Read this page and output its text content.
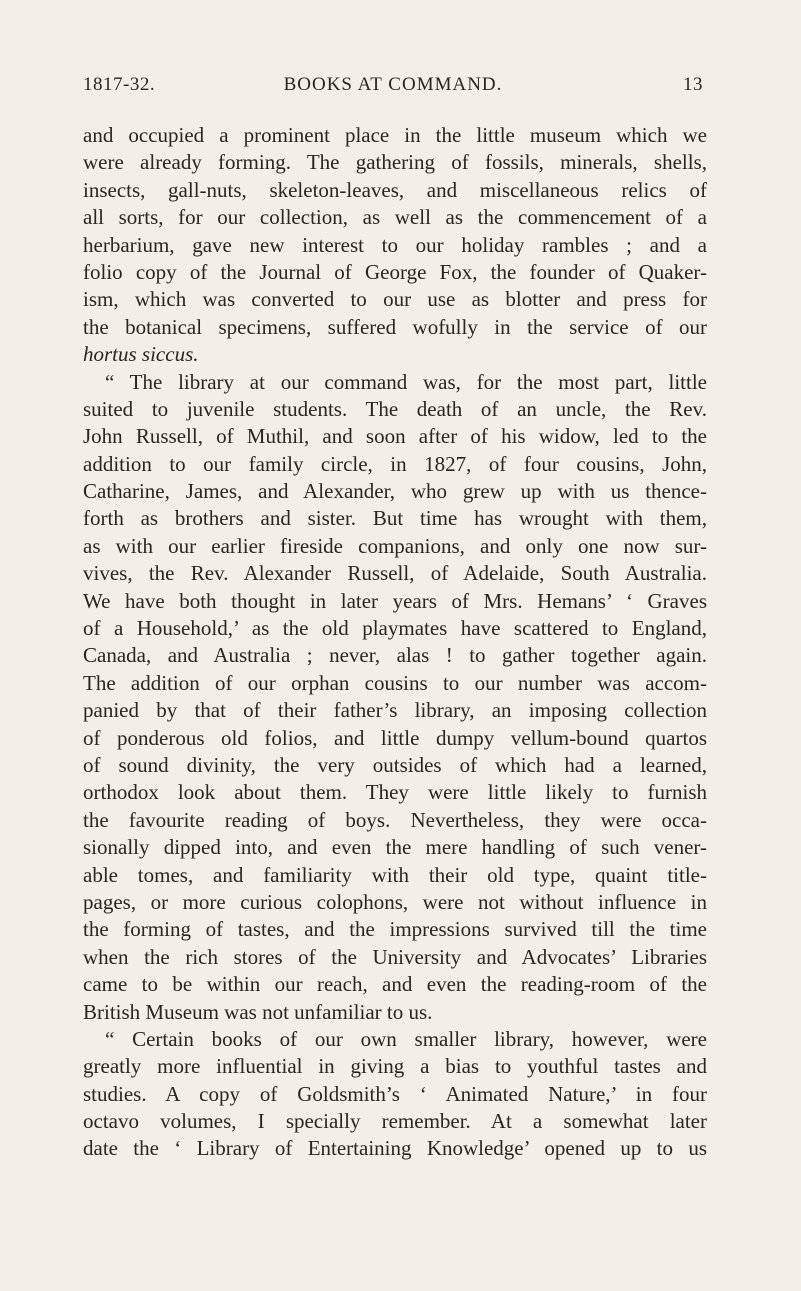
1817-32.	BOOKS AT COMMAND.	13
and occupied a prominent place in the little museum which we
were already forming. The gathering of fossils, minerals, shells,
insects, gall-nuts, skeleton-leaves, and miscellaneous relics of
all sorts, for our collection, as well as the commencement of a
herbarium, gave new interest to our holiday rambles ; and a
folio copy of the Journal of George Fox, the founder of Quaker-
ism, which was converted to our use as blotter and press for
the botanical specimens, suffered wofully in the service of our
hortus siccus.
“ The library at our command was, for the most part, little
suited to juvenile students. The death of an uncle, the Rev.
John Russell, of Muthil, and soon after of his widow, led to the
addition to our family circle, in 1827, of four cousins, John,
Catharine, James, and Alexander, who grew up with us thence-
forth as brothers and sister. But time has wrought with them,
as with our earlier fireside companions, and only one now sur-
vives, the Rev. Alexander Russell, of Adelaide, South Australia.
We have both thought in later years of Mrs. Hemans’ ‘ Graves
of a Household,’ as the old playmates have scattered to England,
Canada, and Australia ; never, alas ! to gather together again.
The addition of our orphan cousins to our number was accom-
panied by that of their father’s library, an imposing collection
of ponderous old folios, and little dumpy vellum-bound quartos
of sound divinity, the very outsides of which had a learned,
orthodox look about them. They were little likely to furnish
the favourite reading of boys. Nevertheless, they were occa-
sionally dipped into, and even the mere handling of such vener-
able tomes, and familiarity with their old type, quaint title-
pages, or more curious colophons, were not without influence in
the forming of tastes, and the impressions survived till the time
when the rich stores of the University and Advocates’ Libraries
came to be within our reach, and even the reading-room of the
British Museum was not unfamiliar to us.
“ Certain books of our own smaller library, however, were
greatly more influential in giving a bias to youthful tastes and
studies. A copy of Goldsmith’s ‘ Animated Nature,’ in four
octavo volumes, I specially remember. At a somewhat later
date the ‘ Library of Entertaining Knowledge’ opened up to us
